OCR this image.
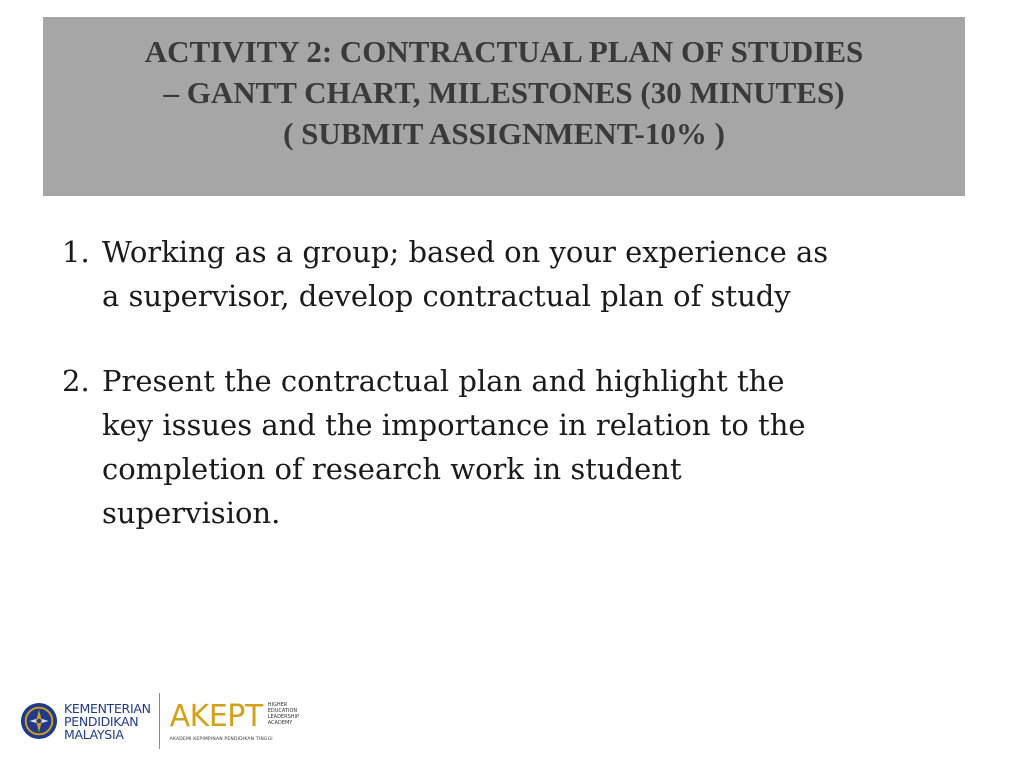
ACTIVITY 2: CONTRACTUAL PLAN OF STUDIES
– GANTT CHART, MILESTONES (30 MINUTES)
( SUBMIT ASSIGNMENT-10% )
1. Working as a group; based on your experience as
a supervisor, develop contractual plan of study
2. Present the contractual plan and highlight the
key issues and the importance in relation to the
completion of research work in student
supervision.
KEMENTERIAN
PENDIDIKAN
MALAYSIA	AKEPT HIGHER
EDUCATION
LEADERSHIP
ACADEMY
AKADEMI KEPIMPINAN PENDIDIKAN TINGGI
